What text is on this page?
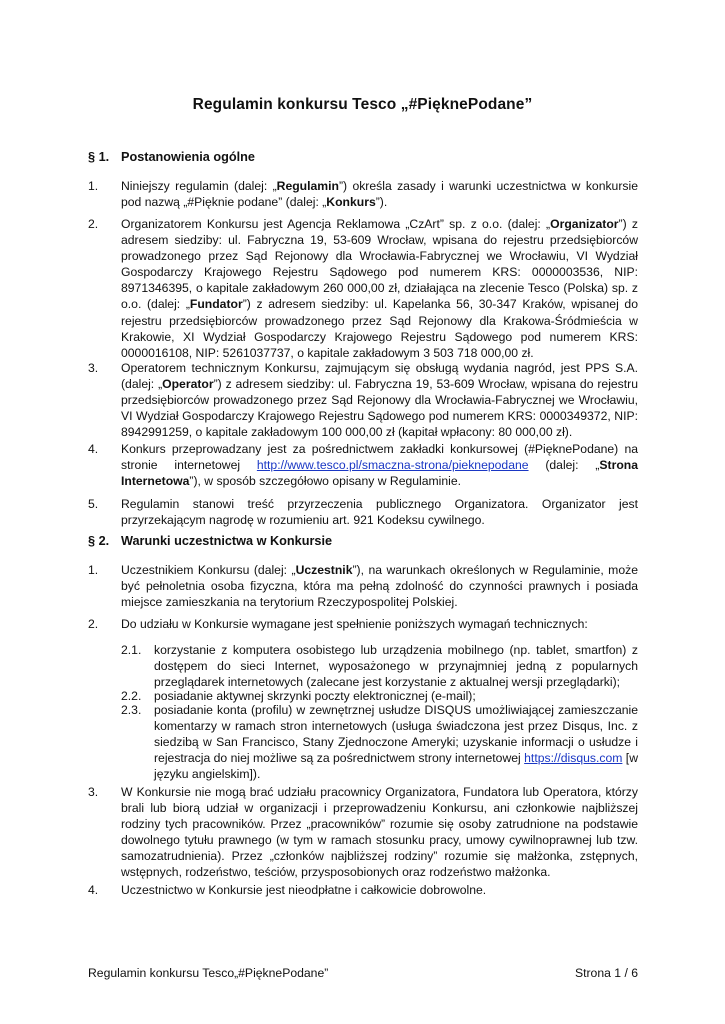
Regulamin konkursu Tesco „#PięknePodane”
§ 1. Postanowienia ogólne
1. Niniejszy regulamin (dalej: „Regulamin”) określa zasady i warunki uczestnictwa w konkursie pod nazwą „#Pięknie podane” (dalej: „Konkurs”).
2. Organizatorem Konkursu jest Agencja Reklamowa „CzArt” sp. z o.o. (dalej: „Organizator”) z adresem siedziby: ul. Fabryczna 19, 53-609 Wrocław, wpisana do rejestru przedsiębiorców prowadzonego przez Sąd Rejonowy dla Wrocławia-Fabrycznej we Wrocławiu, VI Wydział Gospodarczy Krajowego Rejestru Sądowego pod numerem KRS: 0000003536, NIP: 8971346395, o kapitale zakładowym 260 000,00 zł, działająca na zlecenie Tesco (Polska) sp. z o.o. (dalej: „Fundator”) z adresem siedziby: ul. Kapelanka 56, 30-347 Kraków, wpisanej do rejestru przedsiębiorców prowadzonego przez Sąd Rejonowy dla Krakowa-Śródmieścia w Krakowie, XI Wydział Gospodarczy Krajowego Rejestru Sądowego pod numerem KRS: 0000016108, NIP: 5261037737, o kapitale zakładowym 3 503 718 000,00 zł.
3. Operatorem technicznym Konkursu, zajmującym się obsługą wydania nagród, jest PPS S.A. (dalej: „Operator”) z adresem siedziby: ul. Fabryczna 19, 53-609 Wrocław, wpisana do rejestru przedsiębiorców prowadzonego przez Sąd Rejonowy dla Wrocławia-Fabrycznej we Wrocławiu, VI Wydział Gospodarczy Krajowego Rejestru Sądowego pod numerem KRS: 0000349372, NIP: 8942991259, o kapitale zakładowym 100 000,00 zł (kapitał wpłacony: 80 000,00 zł).
4. Konkurs przeprowadzany jest za pośrednictwem zakładki konkursowej (#PięknePodane) na stronie internetowej http://www.tesco.pl/smaczna-strona/pieknepodane (dalej: „Strona Internetowa”), w sposób szczegółowo opisany w Regulaminie.
5. Regulamin stanowi treść przyrzeczenia publicznego Organizatora. Organizator jest przyrzekającym nagrodę w rozumieniu art. 921 Kodeksu cywilnego.
§ 2. Warunki uczestnictwa w Konkursie
1. Uczestnikiem Konkursu (dalej: „Uczestnik”), na warunkach określonych w Regulaminie, może być pełnoletnia osoba fizyczna, która ma pełną zdolność do czynności prawnych i posiada miejsce zamieszkania na terytorium Rzeczypospolitej Polskiej.
2. Do udziału w Konkursie wymagane jest spełnienie poniższych wymagań technicznych:
2.1. korzystanie z komputera osobistego lub urządzenia mobilnego (np. tablet, smartfon) z dostępem do sieci Internet, wyposażonego w przynajmniej jedną z popularnych przeglądarek internetowych (zalecane jest korzystanie z aktualnej wersji przeglądarki);
2.2. posiadanie aktywnej skrzynki poczty elektronicznej (e-mail);
2.3. posiadanie konta (profilu) w zewnętrznej usłudze DISQUS umożliwiającej zamieszczanie komentarzy w ramach stron internetowych (usługa świadczona jest przez Disqus, Inc. z siedzibą w San Francisco, Stany Zjednoczone Ameryki; uzyskanie informacji o usłudze i rejestracja do niej możliwe są za pośrednictwem strony internetowej https://disqus.com [w języku angielskim]).
3. W Konkursie nie mogą brać udziału pracownicy Organizatora, Fundatora lub Operatora, którzy brali lub biorą udział w organizacji i przeprowadzeniu Konkursu, ani członkowie najbliższej rodziny tych pracowników. Przez „pracowników” rozumie się osoby zatrudnione na podstawie dowolnego tytułu prawnego (w tym w ramach stosunku pracy, umowy cywilnoprawnej lub tzw. samozatrudnienia). Przez „członków najbliższej rodziny” rozumie się małżonka, zstępnych, wstępnych, rodzeństwo, teściów, przysposobionych oraz rodzeństwo małżonka.
4. Uczestnictwo w Konkursie jest nieodpłatne i całkowicie dobrowolne.
Regulamin konkursu Tesco„#PięknePodane”	Strona 1 / 6
